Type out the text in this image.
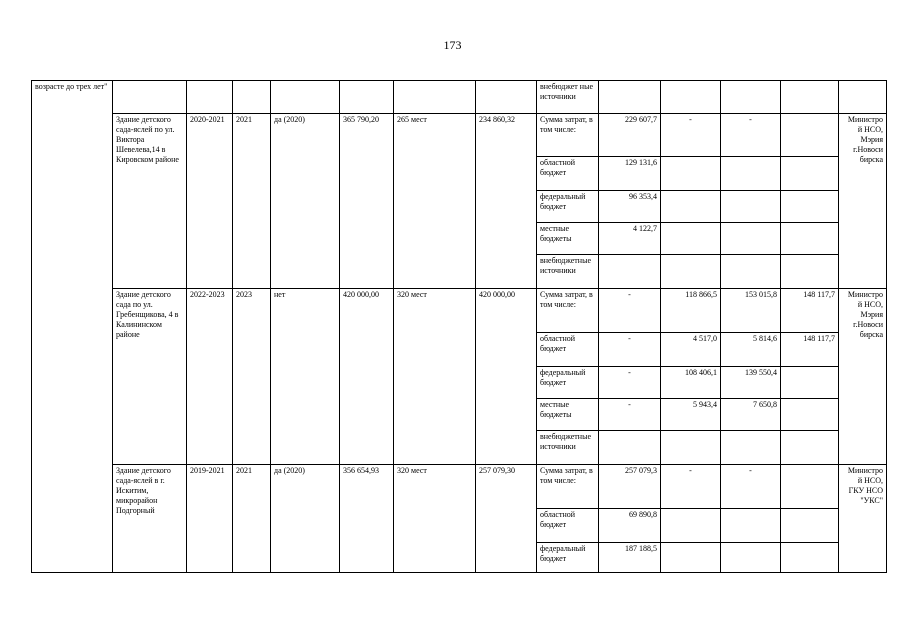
173
возрасте до трех лет"								внебюджет ные источники					
	Здание детского сада-яслей по ул. Виктора Шевелева,14 в Кировском районе	2020-2021	2021	да (2020)	365 790,20	265 мест	234 860,32	Сумма затрат, в том числе:	229 607,7	-	-		Министро
й НСО,
Мэрия
г.Новоси
бирска

								областной бюджет	129 131,6				
								федеральный бюджет	96 353,4				
								местные бюджеты	4 122,7				
								внебюджетные источники					
	Здание детского сада по ул. Гребенщикова, 4 в Калининском районе	2022-2023	2023	нет	420 000,00	320 мест	420 000,00	Сумма затрат, в том числе:	-	118 866,5	153 015,8	148 117,7	Министро
й НСО,
Мэрия
г.Новоси
бирска

								областной бюджет	-	4 517,0	5 814,6	148 117,7	
								федеральный бюджет	-	108 406,1	139 550,4		
								местные бюджеты	-	5 943,4	7 650,8		
								внебюджетные источники					
	Здание детского сада-яслей в г. Искитим, микрорайон Подгорный	2019-2021	2021	да (2020)	356 654,93	320 мест	257 079,30	Сумма затрат, в том числе:	257 079,3	-	-		Министро
й НСО,
ГКУ НСО
"УКС"

								областной бюджет	69 890,8				
								федеральный бюджет	187 188,5				
